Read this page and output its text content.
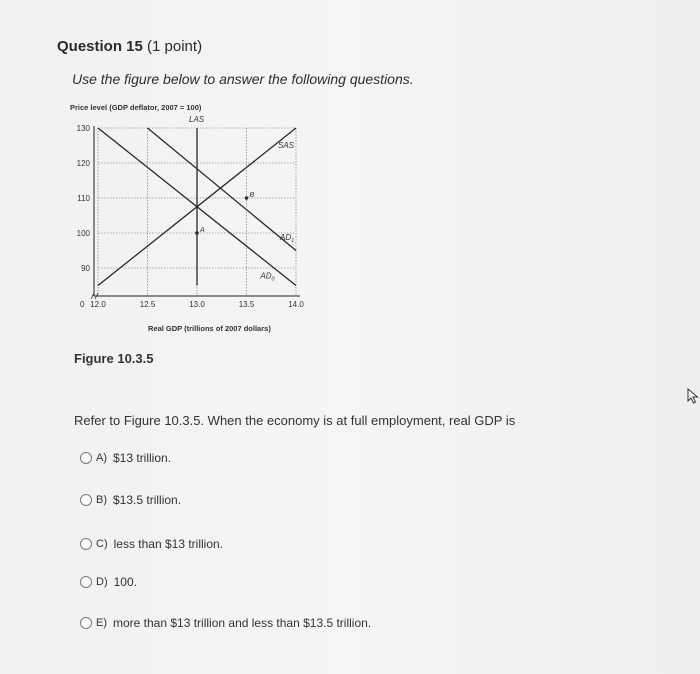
Question 15 (1 point)
Use the figure below to answer the following questions.
Price level (GDP deflator, 2007 = 100)
130
120
110
100
90
12.0	12.5	13.0	13.5	14.0
0
LAS
SAS
$AD_1$
$AD_0$
A
B
Real GDP (trillions of 2007 dollars)
Figure 10.3.5
Refer to Figure 10.3.5. When the economy is at full employment, real GDP is
A) $13 trillion.
B) $13.5 trillion.
C) less than $13 trillion.
D) 100.
E) more than $13 trillion and less than $13.5 trillion.
